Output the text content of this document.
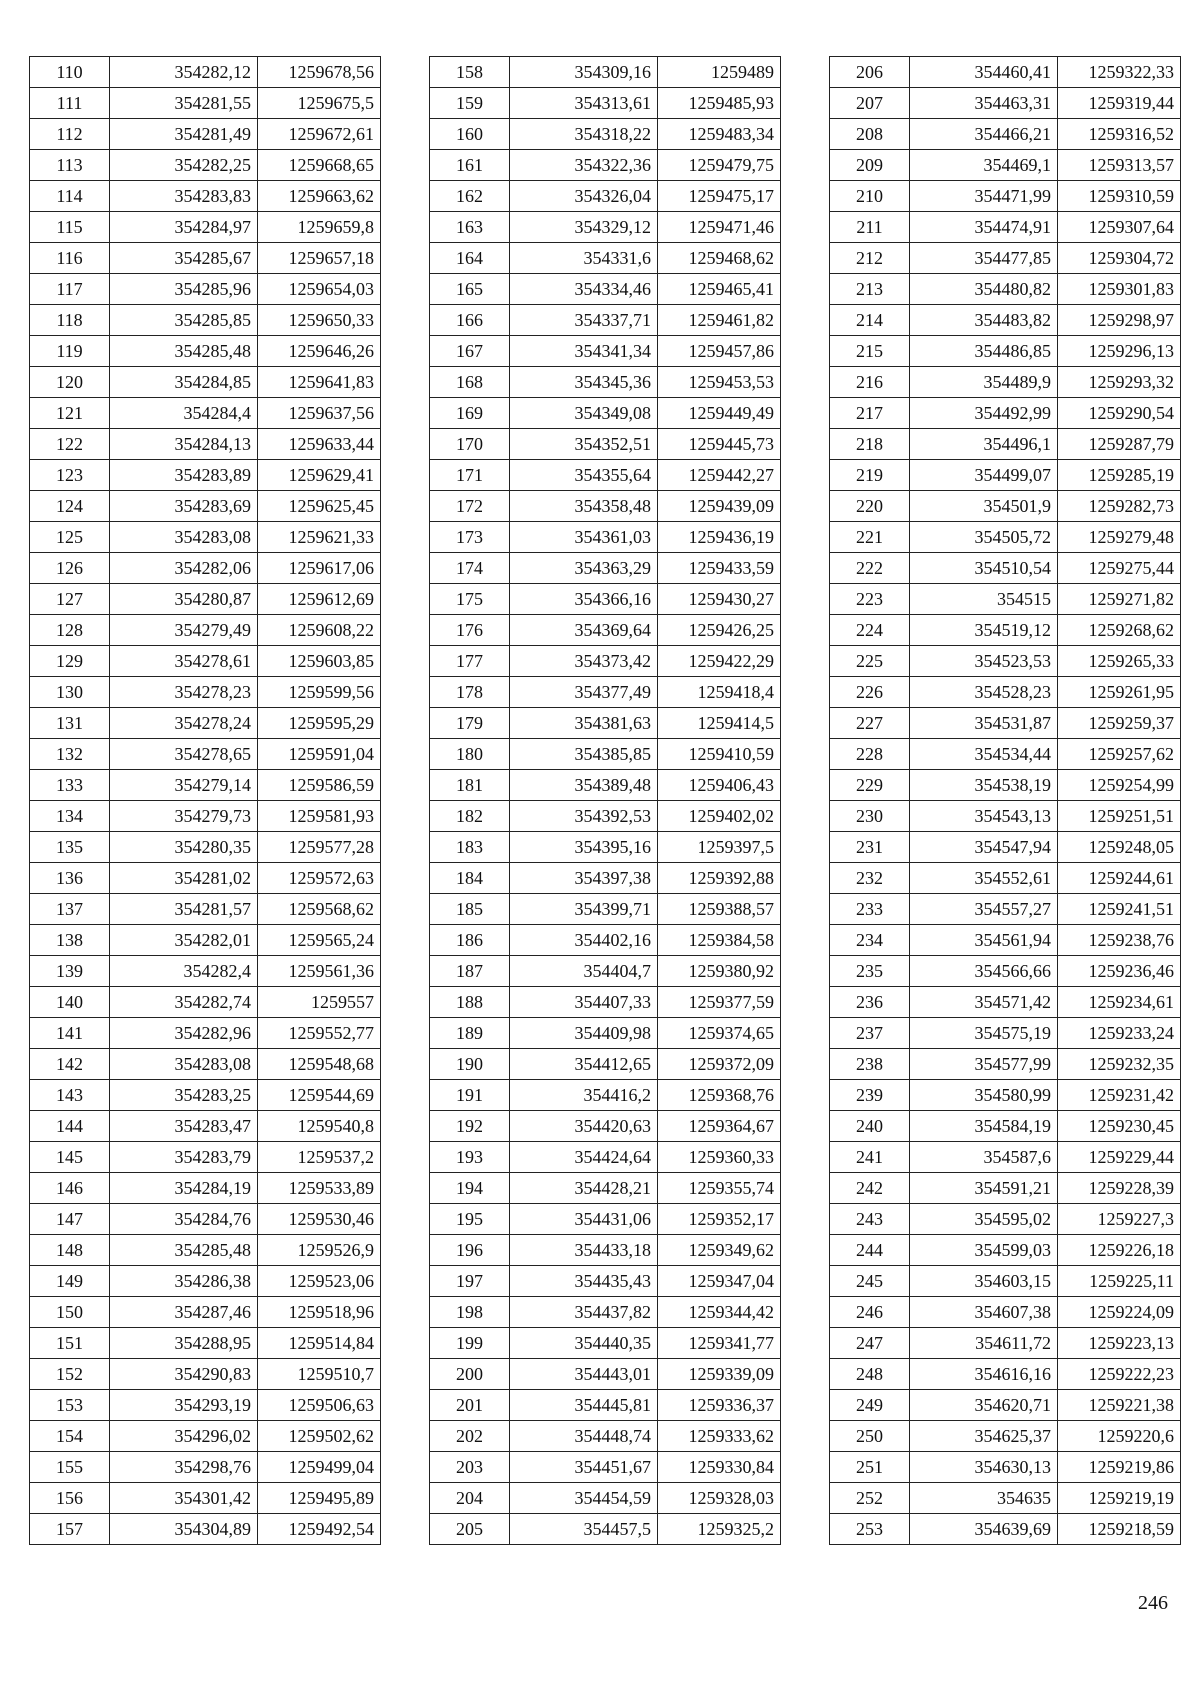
110	354282,12	1259678,56
111	354281,55	1259675,5
112	354281,49	1259672,61
113	354282,25	1259668,65
114	354283,83	1259663,62
115	354284,97	1259659,8
116	354285,67	1259657,18
117	354285,96	1259654,03
118	354285,85	1259650,33
119	354285,48	1259646,26
120	354284,85	1259641,83
121	354284,4	1259637,56
122	354284,13	1259633,44
123	354283,89	1259629,41
124	354283,69	1259625,45
125	354283,08	1259621,33
126	354282,06	1259617,06
127	354280,87	1259612,69
128	354279,49	1259608,22
129	354278,61	1259603,85
130	354278,23	1259599,56
131	354278,24	1259595,29
132	354278,65	1259591,04
133	354279,14	1259586,59
134	354279,73	1259581,93
135	354280,35	1259577,28
136	354281,02	1259572,63
137	354281,57	1259568,62
138	354282,01	1259565,24
139	354282,4	1259561,36
140	354282,74	1259557
141	354282,96	1259552,77
142	354283,08	1259548,68
143	354283,25	1259544,69
144	354283,47	1259540,8
145	354283,79	1259537,2
146	354284,19	1259533,89
147	354284,76	1259530,46
148	354285,48	1259526,9
149	354286,38	1259523,06
150	354287,46	1259518,96
151	354288,95	1259514,84
152	354290,83	1259510,7
153	354293,19	1259506,63
154	354296,02	1259502,62
155	354298,76	1259499,04
156	354301,42	1259495,89
157	354304,89	1259492,54
158	354309,16	1259489
159	354313,61	1259485,93
160	354318,22	1259483,34
161	354322,36	1259479,75
162	354326,04	1259475,17
163	354329,12	1259471,46
164	354331,6	1259468,62
165	354334,46	1259465,41
166	354337,71	1259461,82
167	354341,34	1259457,86
168	354345,36	1259453,53
169	354349,08	1259449,49
170	354352,51	1259445,73
171	354355,64	1259442,27
172	354358,48	1259439,09
173	354361,03	1259436,19
174	354363,29	1259433,59
175	354366,16	1259430,27
176	354369,64	1259426,25
177	354373,42	1259422,29
178	354377,49	1259418,4
179	354381,63	1259414,5
180	354385,85	1259410,59
181	354389,48	1259406,43
182	354392,53	1259402,02
183	354395,16	1259397,5
184	354397,38	1259392,88
185	354399,71	1259388,57
186	354402,16	1259384,58
187	354404,7	1259380,92
188	354407,33	1259377,59
189	354409,98	1259374,65
190	354412,65	1259372,09
191	354416,2	1259368,76
192	354420,63	1259364,67
193	354424,64	1259360,33
194	354428,21	1259355,74
195	354431,06	1259352,17
196	354433,18	1259349,62
197	354435,43	1259347,04
198	354437,82	1259344,42
199	354440,35	1259341,77
200	354443,01	1259339,09
201	354445,81	1259336,37
202	354448,74	1259333,62
203	354451,67	1259330,84
204	354454,59	1259328,03
205	354457,5	1259325,2
206	354460,41	1259322,33
207	354463,31	1259319,44
208	354466,21	1259316,52
209	354469,1	1259313,57
210	354471,99	1259310,59
211	354474,91	1259307,64
212	354477,85	1259304,72
213	354480,82	1259301,83
214	354483,82	1259298,97
215	354486,85	1259296,13
216	354489,9	1259293,32
217	354492,99	1259290,54
218	354496,1	1259287,79
219	354499,07	1259285,19
220	354501,9	1259282,73
221	354505,72	1259279,48
222	354510,54	1259275,44
223	354515	1259271,82
224	354519,12	1259268,62
225	354523,53	1259265,33
226	354528,23	1259261,95
227	354531,87	1259259,37
228	354534,44	1259257,62
229	354538,19	1259254,99
230	354543,13	1259251,51
231	354547,94	1259248,05
232	354552,61	1259244,61
233	354557,27	1259241,51
234	354561,94	1259238,76
235	354566,66	1259236,46
236	354571,42	1259234,61
237	354575,19	1259233,24
238	354577,99	1259232,35
239	354580,99	1259231,42
240	354584,19	1259230,45
241	354587,6	1259229,44
242	354591,21	1259228,39
243	354595,02	1259227,3
244	354599,03	1259226,18
245	354603,15	1259225,11
246	354607,38	1259224,09
247	354611,72	1259223,13
248	354616,16	1259222,23
249	354620,71	1259221,38
250	354625,37	1259220,6
251	354630,13	1259219,86
252	354635	1259219,19
253	354639,69	1259218,59
246
